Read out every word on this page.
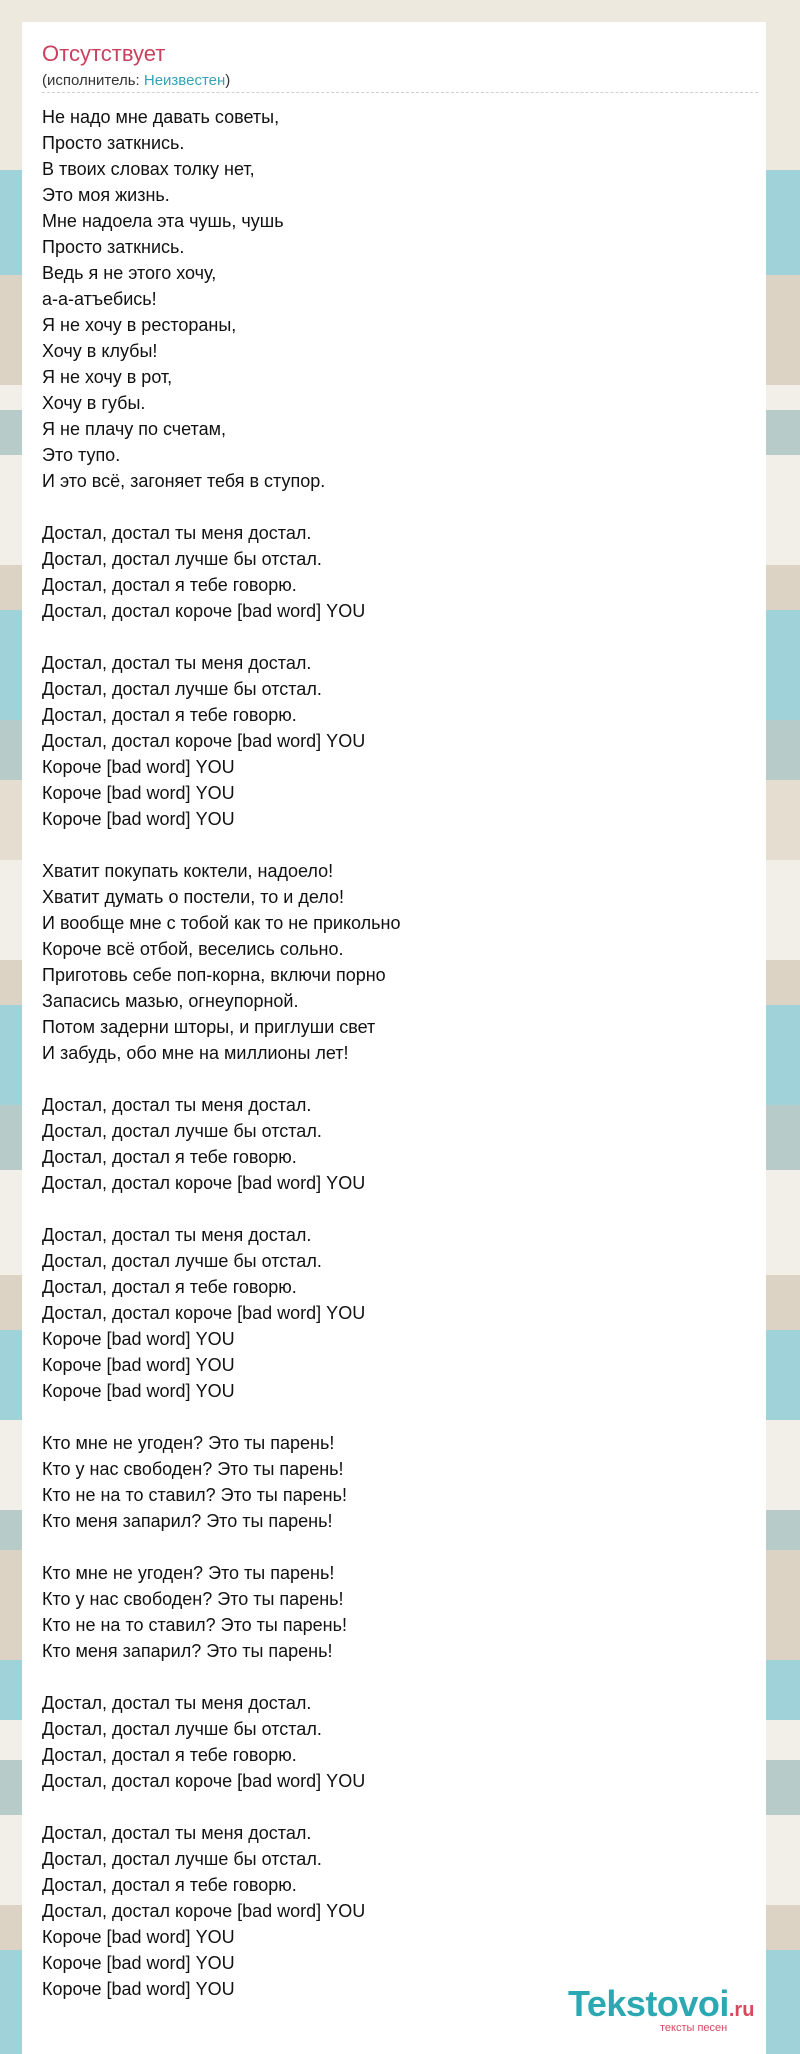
Отсутствует
(исполнитель: Неизвестен)
Не надо мне давать советы,
Просто заткнись.
В твоих словах толку нет,
Это моя жизнь.
Мне надоела эта чушь, чушь
Просто заткнись.
Ведь я не этого хочу,
а-а-атъебись!
Я не хочу в рестораны,
Хочу в клубы!
Я не хочу в рот,
Хочу в губы.
Я не плачу по счетам,
Это тупо.
И это всё, загоняет тебя в ступор.
Достал, достал ты меня достал.
Достал, достал лучше бы отстал.
Достал, достал я тебе говорю.
Достал, достал короче [bad word] YOU
Достал, достал ты меня достал.
Достал, достал лучше бы отстал.
Достал, достал я тебе говорю.
Достал, достал короче [bad word] YOU
Короче [bad word] YOU
Короче [bad word] YOU
Короче [bad word] YOU
Хватит покупать коктели, надоело!
Хватит думать о постели, то и дело!
И вообще мне с тобой как то не прикольно
Короче всё отбой, веселись сольно.
Приготовь себе поп-корна, включи порно
Запасись мазью, огнеупорной.
Потом задерни шторы, и приглуши свет
И забудь, обо мне на миллионы лет!
Достал, достал ты меня достал.
Достал, достал лучше бы отстал.
Достал, достал я тебе говорю.
Достал, достал короче [bad word] YOU
Достал, достал ты меня достал.
Достал, достал лучше бы отстал.
Достал, достал я тебе говорю.
Достал, достал короче [bad word] YOU
Короче [bad word] YOU
Короче [bad word] YOU
Короче [bad word] YOU
Кто мне не угоден? Это ты парень!
Кто у нас свободен? Это ты парень!
Кто не на то ставил? Это ты парень!
Кто меня запарил? Это ты парень!
Кто мне не угоден? Это ты парень!
Кто у нас свободен? Это ты парень!
Кто не на то ставил? Это ты парень!
Кто меня запарил? Это ты парень!
Достал, достал ты меня достал.
Достал, достал лучше бы отстал.
Достал, достал я тебе говорю.
Достал, достал короче [bad word] YOU
Достал, достал ты меня достал.
Достал, достал лучше бы отстал.
Достал, достал я тебе говорю.
Достал, достал короче [bad word] YOU
Короче [bad word] YOU
Короче [bad word] YOU
Короче [bad word] YOU	Tekstovoi.ru
тексты песен
